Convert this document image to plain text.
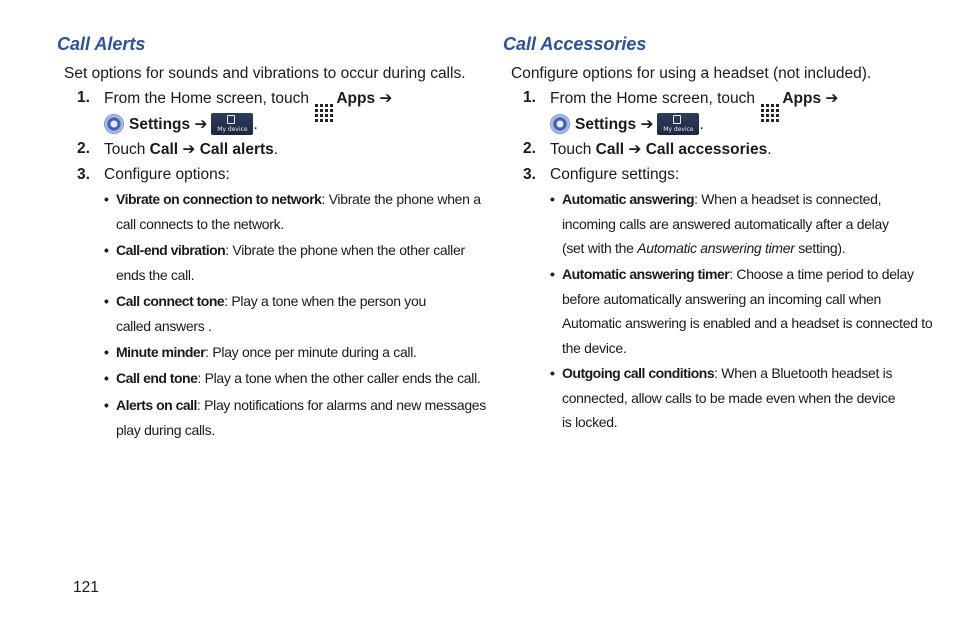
Call Alerts
Set options for sounds and vibrations to occur during calls.
1. From the Home screen, touch
Apps ➔
Settings ➔	My device .
2. Touch Call ➔ Call alerts.
3. Configure options:
• Vibrate on connection to network: Vibrate the phone when a
call connects to the network.
• Call-end vibration: Vibrate the phone when the other caller
ends the call.
• Call connect tone: Play a tone when the person you
called answers .
• Minute minder: Play once per minute during a call.
• Call end tone: Play a tone when the other caller ends the call.
• Alerts on call: Play notifications for alarms and new messages
play during calls.
Call Accessories
Configure options for using a headset (not included).
1. From the Home screen, touch
Apps ➔
Settings ➔	My device .
2. Touch Call ➔ Call accessories.
3. Configure settings:
• Automatic answering: When a headset is connected,
incoming calls are answered automatically after a delay
(set with the Automatic answering timer setting).
• Automatic answering timer: Choose a time period to delay
before automatically answering an incoming call when
Automatic answering is enabled and a headset is connected to
the device.
• Outgoing call conditions: When a Bluetooth headset is
connected, allow calls to be made even when the device
is locked.
121
